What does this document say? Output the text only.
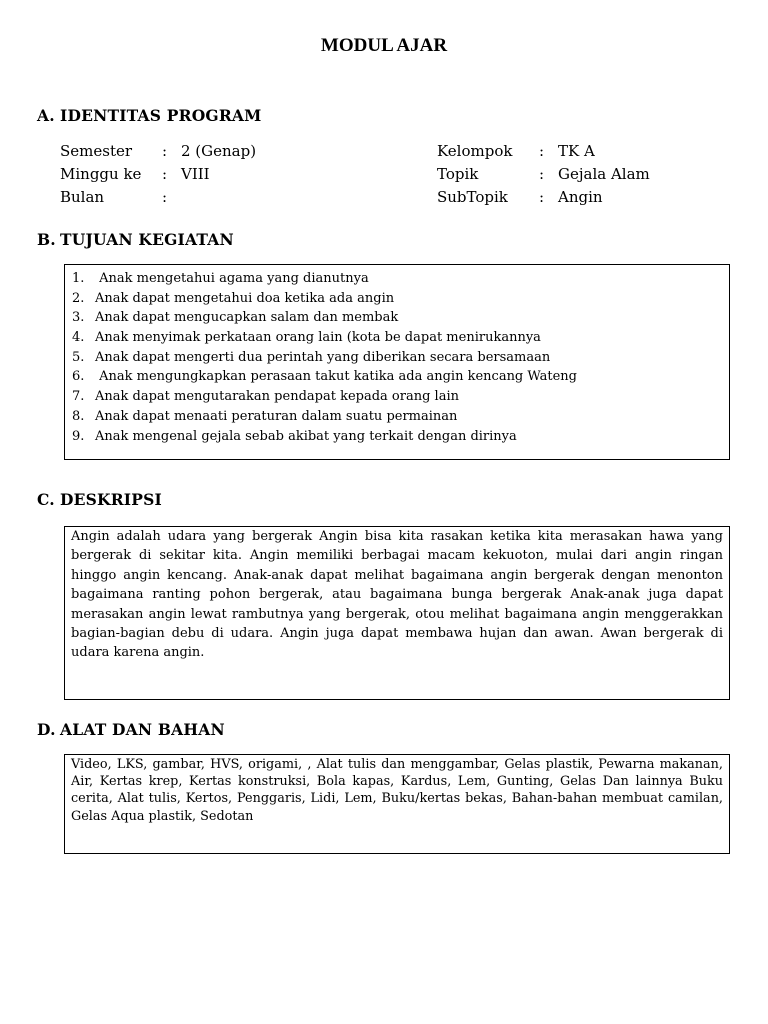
MODUL AJAR
A. IDENTITAS PROGRAM
Semester : 2 (Genap)
Minggu ke : VIII
Bulan	:
Kelompok : TK A
Topik	: Gejala Alam
SubTopik : Angin
B. TUJUAN KEGIATAN
1. Anak mengetahui agama yang dianutnya
2. Anak dapat mengetahui doa ketika ada angin
3. Anak dapat mengucapkan salam dan membak
4. Anak menyimak perkataan orang lain (kota be dapat menirukannya
5. Anak dapat mengerti dua perintah yang diberikan secara bersamaan
6. Anak mengungkapkan perasaan takut katika ada angin kencang Wateng
7. Anak dapat mengutarakan pendapat kepada orang lain
8. Anak dapat menaati peraturan dalam suatu permainan
9. Anak mengenal gejala sebab akibat yang terkait dengan dirinya
C. DESKRIPSI

Angin adalah udara yang bergerak Angin bisa kita rasakan ketika kita merasakan hawa yang bergerak di sekitar kita. Angin memiliki berbagai macam kekuoton, mulai dari angin ringan hinggo angin kencang. Anak-anak dapat melihat bagaimana angin bergerak dengan menonton bagaimana ranting pohon bergerak, atau bagaimana bunga bergerak Anak-anak juga dapat merasakan angin lewat rambutnya yang bergerak, otou melihat bagaimana angin menggerakkan bagian-bagian debu di udara. Angin juga dapat membawa hujan dan awan. Awan bergerak di udara karena angin.

D. ALAT DAN BAHAN

Video, LKS, gambar, HVS, origami, , Alat tulis dan menggambar, Gelas plastik, Pewarna makanan, Air, Kertas krep, Kertas konstruksi, Bola kapas, Kardus, Lem, Gunting, Gelas Dan lainnya Buku cerita, Alat tulis, Kertos, Penggaris, Lidi, Lem, Buku/kertas bekas, Bahan-bahan membuat camilan, Gelas Aqua plastik, Sedotan
